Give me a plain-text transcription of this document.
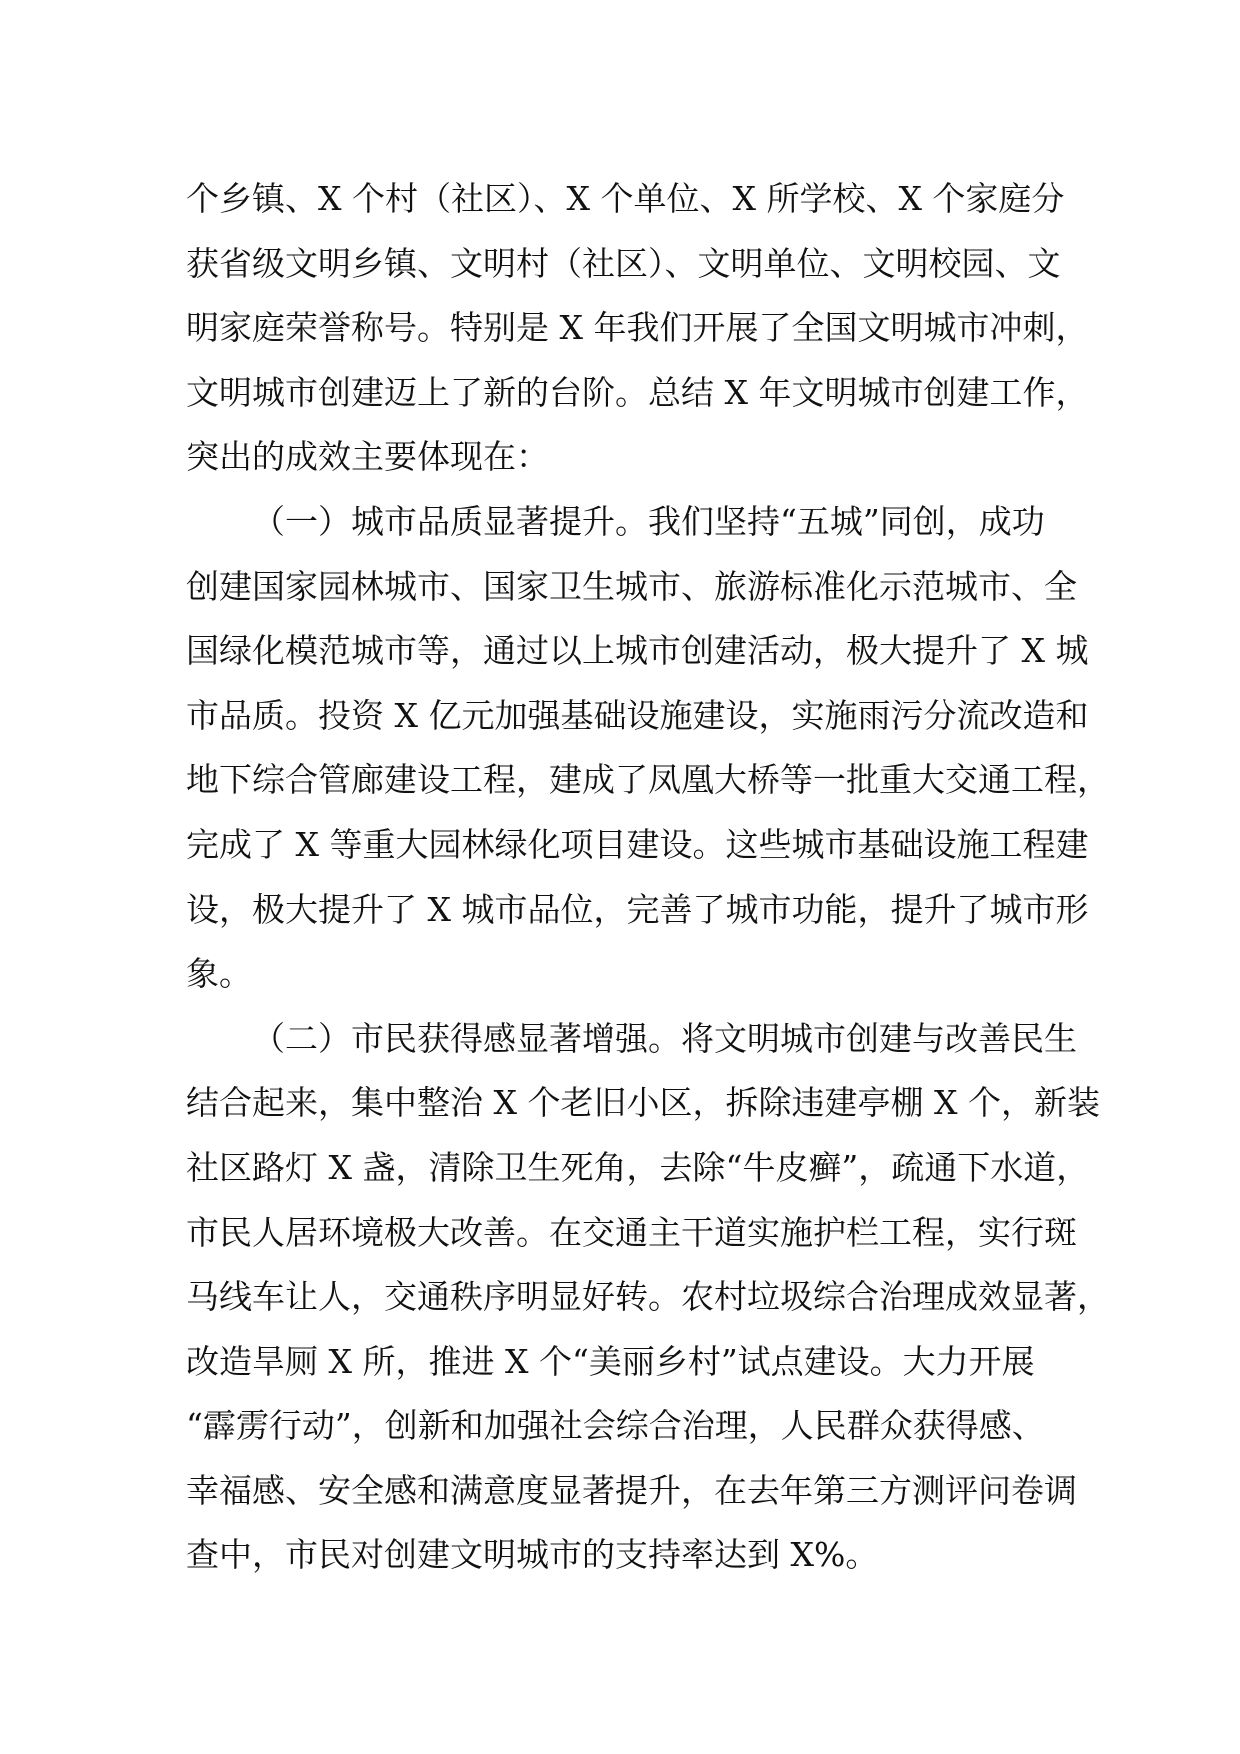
个乡镇、X 个村（社区）、X 个单位、X 所学校、X 个家庭分
获省级文明乡镇、文明村（社区）、文明单位、文明校园、文
明家庭荣誉称号。特别是 X 年我们开展了全国文明城市冲刺，
文明城市创建迈上了新的台阶。总结 X 年文明城市创建工作，
突出的成效主要体现在：
（一）城市品质显著提升。我们坚持“五城”同创，成功
创建国家园林城市、国家卫生城市、旅游标准化示范城市、全
国绿化模范城市等，通过以上城市创建活动，极大提升了 X 城
市品质。投资 X 亿元加强基础设施建设，实施雨污分流改造和
地下综合管廊建设工程，建成了凤凰大桥等一批重大交通工程，
完成了 X 等重大园林绿化项目建设。这些城市基础设施工程建
设，极大提升了 X 城市品位，完善了城市功能，提升了城市形
象。
（二）市民获得感显著增强。将文明城市创建与改善民生
结合起来，集中整治 X 个老旧小区，拆除违建亭棚 X 个，新装
社区路灯 X 盏，清除卫生死角，去除“牛皮癣”，疏通下水道，
市民人居环境极大改善。在交通主干道实施护栏工程，实行斑
马线车让人，交通秩序明显好转。农村垃圾综合治理成效显著，
改造旱厕 X 所，推进 X 个“美丽乡村”试点建设。大力开展
“霹雳行动”，创新和加强社会综合治理，人民群众获得感、
幸福感、安全感和满意度显著提升，在去年第三方测评问卷调
查中，市民对创建文明城市的支持率达到 X%。
